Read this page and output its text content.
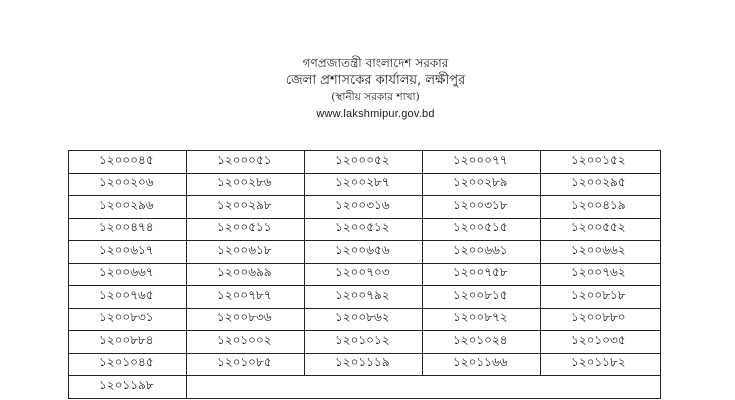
গণপ্রজাতন্ত্রী বাংলাদেশ সরকার
জেলা প্রশাসকের কার্যালয়, লক্ষীপুর
(স্থানীয় সরকার শাখা)
www.lakshmipur.gov.bd
১২০০০৪৫	১২০০০৫১	১২০০০৫২	১২০০০৭৭	১২০০১৫২
১২০০২০৬	১২০০২৮৬	১২০০২৮৭	১২০০২৮৯	১২০০২৯৫
১২০০২৯৬	১২০০২৯৮	১২০০৩১৬	১২০০৩১৮	১২০০৪১৯
১২০০৪৭৪	১২০০৫১১	১২০০৫১২	১২০০৫১৫	১২০০৫৫২
১২০০৬১৭	১২০০৬১৮	১২০০৬৫৬	১২০০৬৬১	১২০০৬৬২
১২০০৬৬৭	১২০০৬৯৯	১২০০৭০৩	১২০০৭৫৮	১২০০৭৬২
১২০০৭৬৫	১২০০৭৮৭	১২০০৭৯২	১২০০৮১৫	১২০০৮১৮
১২০০৮৩১	১২০০৮৩৬	১২০০৮৬২	১২০০৮৭২	১২০০৮৮০
১২০০৮৮৪	১২০১০০২	১২০১০১২	১২০১০২৪	১২০১০৩৫
১২০১০৪৫	১২০১০৮৫	১২০১১১৯	১২০১১৬৬	১২০১১৮২
১২০১১৯৮				
